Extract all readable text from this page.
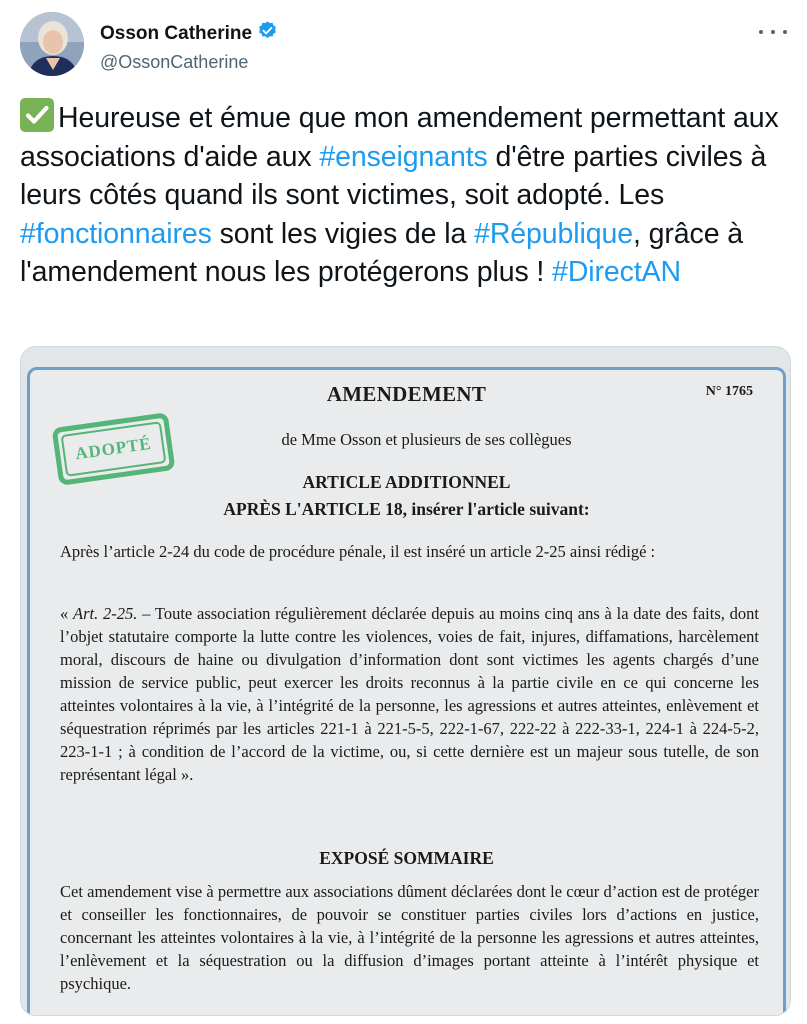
Osson Catherine
@OssonCatherine
Heureuse et émue que mon amendement permettant aux associations d'aide aux #enseignants d'être parties civiles à leurs côtés quand ils sont victimes, soit adopté. Les #fonctionnaires sont les vigies de la #République, grâce à l'amendement nous les protégerons plus ! #DirectAN
AMENDEMENT	N° 1765
ADOPTÉ	de Mme Osson et plusieurs de ses collègues
ARTICLE ADDITIONNEL
APRÈS L'ARTICLE 18, insérer l'article suivant:
Après l’article 2‑24 du code de procédure pénale, il est inséré un article 2‑25 ainsi rédigé :
« Art. 2‑25. – Toute association régulièrement déclarée depuis au moins cinq ans à la date des faits, dont l’objet statutaire comporte la lutte contre les violences, voies de fait, injures, diffamations, harcèlement moral, discours de haine ou divulgation d’information dont sont victimes les agents chargés d’une mission de service public, peut exercer les droits reconnus à la partie civile en ce qui concerne les atteintes volontaires à la vie, à l’intégrité de la personne, les agressions et autres atteintes, enlèvement et séquestration réprimés par les articles 221‑1 à 221‑5-5, 222‑1-67, 222‑22 à 222‑33‑1, 224‑1 à 224‑5‑2, 223‑1‑1 ; à condition de l’accord de la victime, ou, si cette dernière est un majeur sous tutelle, de son représentant légal ».
EXPOSÉ SOMMAIRE
Cet amendement vise à permettre aux associations dûment déclarées dont le cœur d’action est de protéger et conseiller les fonctionnaires, de pouvoir se constituer parties civiles lors d’actions en justice, concernant les atteintes volontaires à la vie, à l’intégrité de la personne les agressions et autres atteintes, l’enlèvement et la séquestration ou la diffusion d’images portant atteinte à l’intérêt physique et psychique.
